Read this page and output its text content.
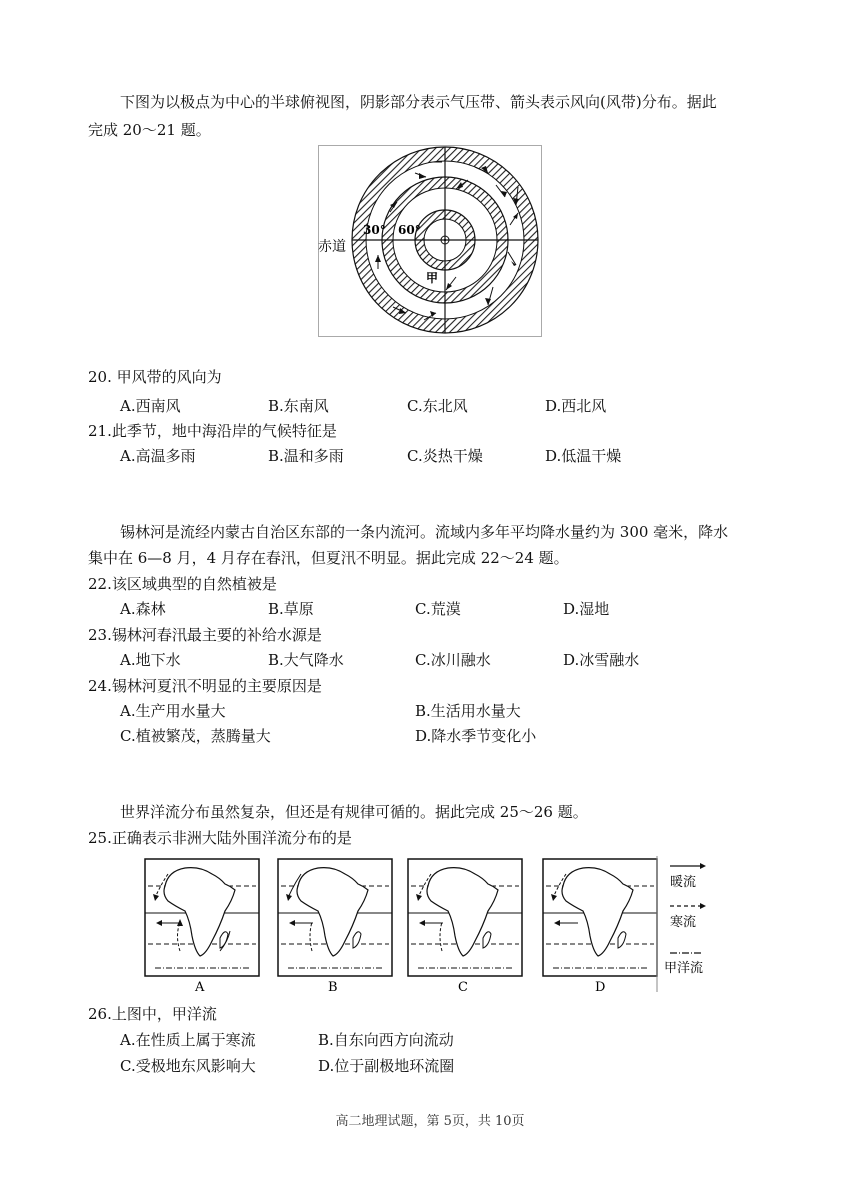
下图为以极点为中心的半球俯视图，阴影部分表示气压带、箭头表示风向(风带)分布。据此
完成 20～21 题。
赤道
30° 60°
甲
20. 甲风带的风向为
A.西南风	B.东南风	C.东北风	D.西北风
21.此季节，地中海沿岸的气候特征是
A.高温多雨	B.温和多雨	C.炎热干燥	D.低温干燥
锡林河是流经内蒙古自治区东部的一条内流河。流域内多年平均降水量约为 300 毫米，降水
集中在 6—8 月，4 月存在春汛，但夏汛不明显。据此完成 22～24 题。
22.该区域典型的自然植被是
A.森林	B.草原	C.荒漠	D.湿地
23.锡林河春汛最主要的补给水源是
A.地下水	B.大气降水	C.冰川融水	D.冰雪融水
24.锡林河夏汛不明显的主要原因是
A.生产用水量大	B.生活用水量大
C.植被繁茂，蒸腾量大	D.降水季节变化小
世界洋流分布虽然复杂，但还是有规律可循的。据此完成 25～26 题。
25.正确表示非洲大陆外围洋流分布的是
A	B	C	D
暖流
寒流
甲洋流
26.上图中，甲洋流
A.在性质上属于寒流	B.自东向西方向流动
C.受极地东风影响大	D.位于副极地环流圈
高二地理试题，第 5页，共 10页
